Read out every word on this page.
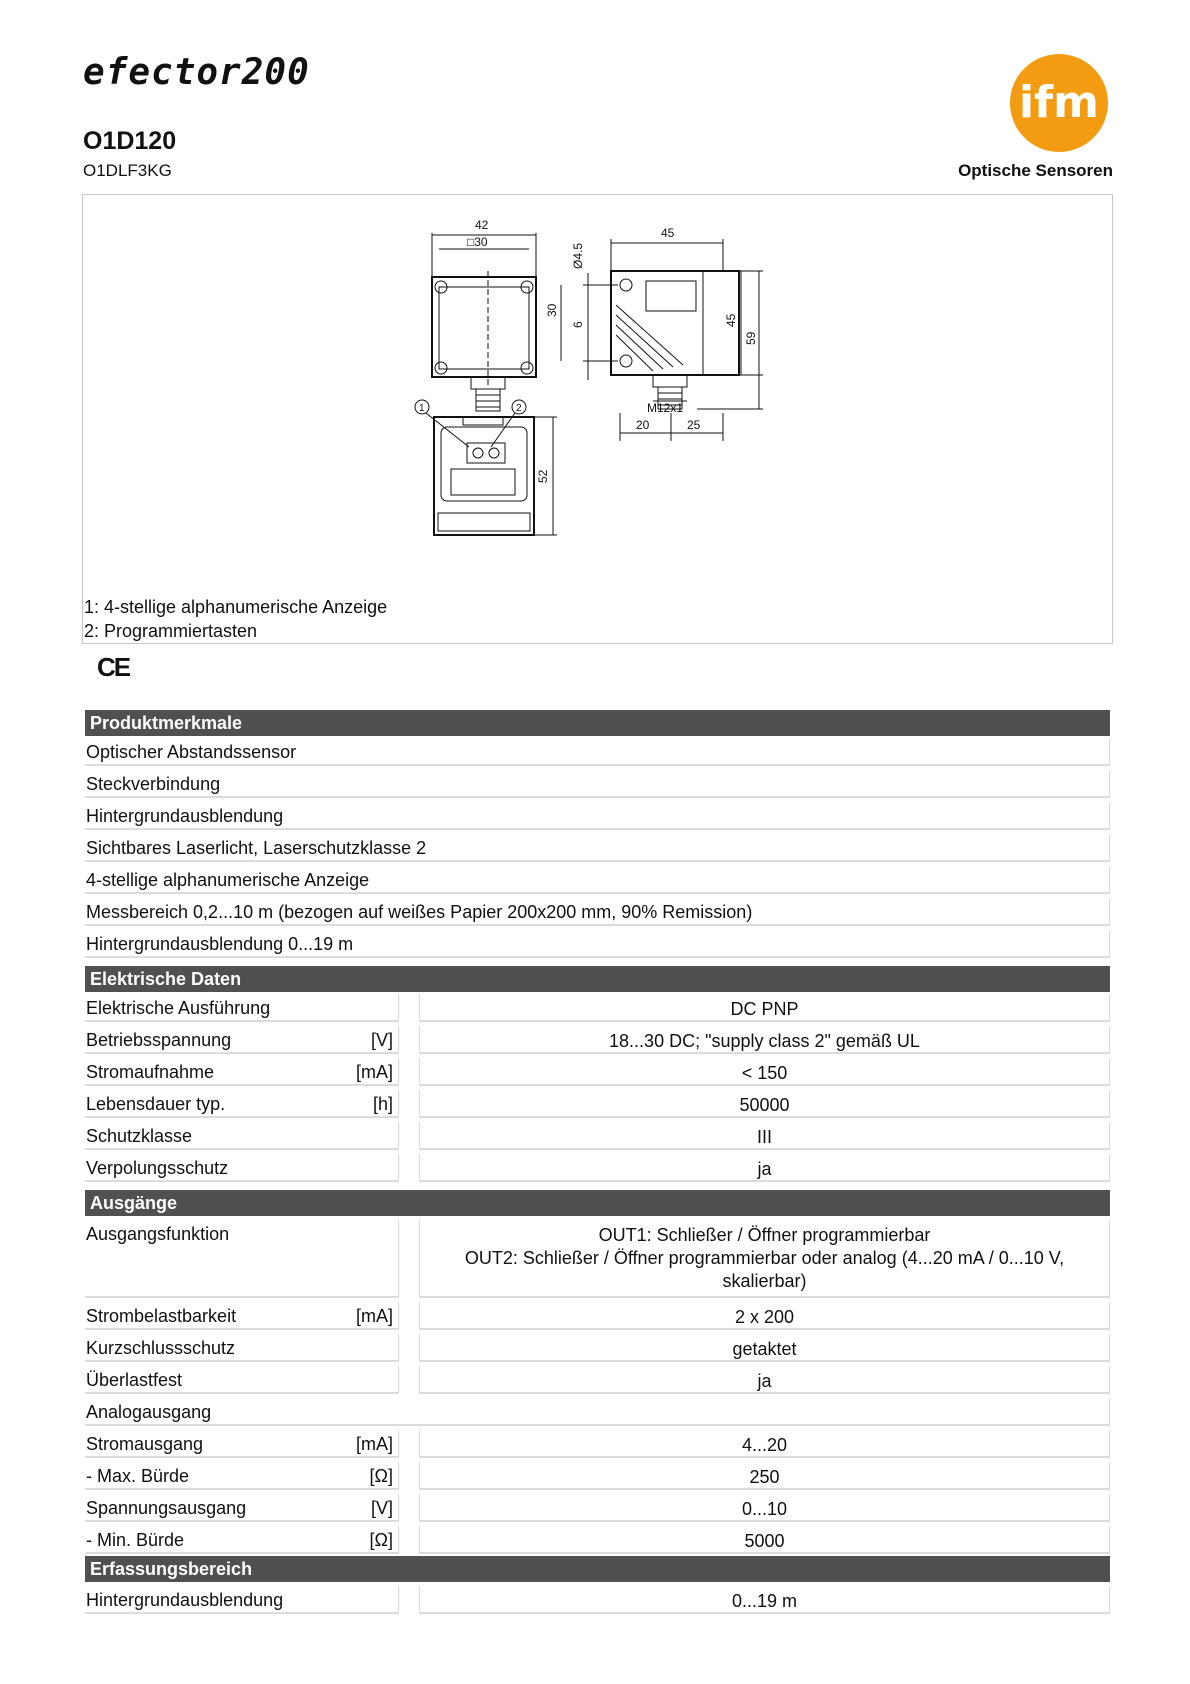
efector200
ifm
O1D120
O1DLF3KG	Optische Sensoren
42
□30
45
30
6
Ø4.5
45
59
M12x1
20	25
52
1	2
1: 4-stellige alphanumerische Anzeige
2: Programmiertasten
CE
Produktmerkmale
Optischer Abstandssensor
Steckverbindung
Hintergrundausblendung
Sichtbares Laserlicht, Laserschutzklasse 2
4-stellige alphanumerische Anzeige
Messbereich 0,2...10 m (bezogen auf weißes Papier 200x200 mm, 90% Remission)
Hintergrundausblendung 0...19 m
Elektrische Daten
Elektrische Ausführung	DC PNP
Betriebsspannung	[V]	18...30 DC; "supply class 2" gemäß UL
Stromaufnahme	[mA]	< 150
Lebensdauer typ.	[h]	50000
Schutzklasse	III
Verpolungsschutz	ja
Ausgänge
Ausgangsfunktion	OUT1: Schließer / Öffner programmierbar
OUT2: Schließer / Öffner programmierbar oder analog (4...20 mA / 0...10 V,
skalierbar)
Strombelastbarkeit	[mA]	2 x 200
Kurzschlussschutz	getaktet
Überlastfest	ja
Analogausgang
Stromausgang	[mA]	4...20
- Max. Bürde	[Ω]	250
Spannungsausgang	[V]	0...10
- Min. Bürde	[Ω]	5000
Erfassungsbereich
Hintergrundausblendung	0...19 m
